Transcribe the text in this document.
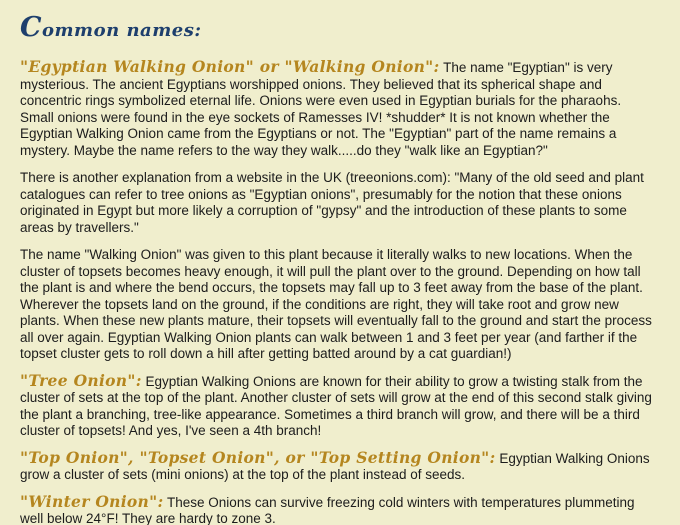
Common names:

"Egyptian Walking Onion" or "Walking Onion": The name "Egyptian" is very mysterious. The ancient Egyptians worshipped onions. They believed that its spherical shape and concentric rings symbolized eternal life. Onions were even used in Egyptian burials for the pharaohs. Small onions were found in the eye sockets of Ramesses IV! *shudder* It is not known whether the Egyptian Walking Onion came from the Egyptians or not. The "Egyptian" part of the name remains a mystery. Maybe the name refers to the way they walk.....do they "walk like an Egyptian?"

There is another explanation from a website in the UK (treeonions.com): "Many of the old seed and plant catalogues can refer to tree onions as "Egyptian onions", presumably for the notion that these onions originated in Egypt but more likely a corruption of "gypsy" and the introduction of these plants to some areas by travellers."

The name "Walking Onion" was given to this plant because it literally walks to new locations. When the cluster of topsets becomes heavy enough, it will pull the plant over to the ground. Depending on how tall the plant is and where the bend occurs, the topsets may fall up to 3 feet away from the base of the plant. Wherever the topsets land on the ground, if the conditions are right, they will take root and grow new plants. When these new plants mature, their topsets will eventually fall to the ground and start the process all over again. Egyptian Walking Onion plants can walk between 1 and 3 feet per year (and farther if the topset cluster gets to roll down a hill after getting batted around by a cat guardian!)

"Tree Onion": Egyptian Walking Onions are known for their ability to grow a twisting stalk from the cluster of sets at the top of the plant. Another cluster of sets will grow at the end of this second stalk giving the plant a branching, tree-like appearance. Sometimes a third branch will grow, and there will be a third cluster of topsets! And yes, I've seen a 4th branch!

"Top Onion", "Topset Onion", or "Top Setting Onion": Egyptian Walking Onions grow a cluster of sets (mini onions) at the top of the plant instead of seeds.

"Winter Onion": These Onions can survive freezing cold winters with temperatures plummeting well below 24°F! They are hardy to zone 3.
